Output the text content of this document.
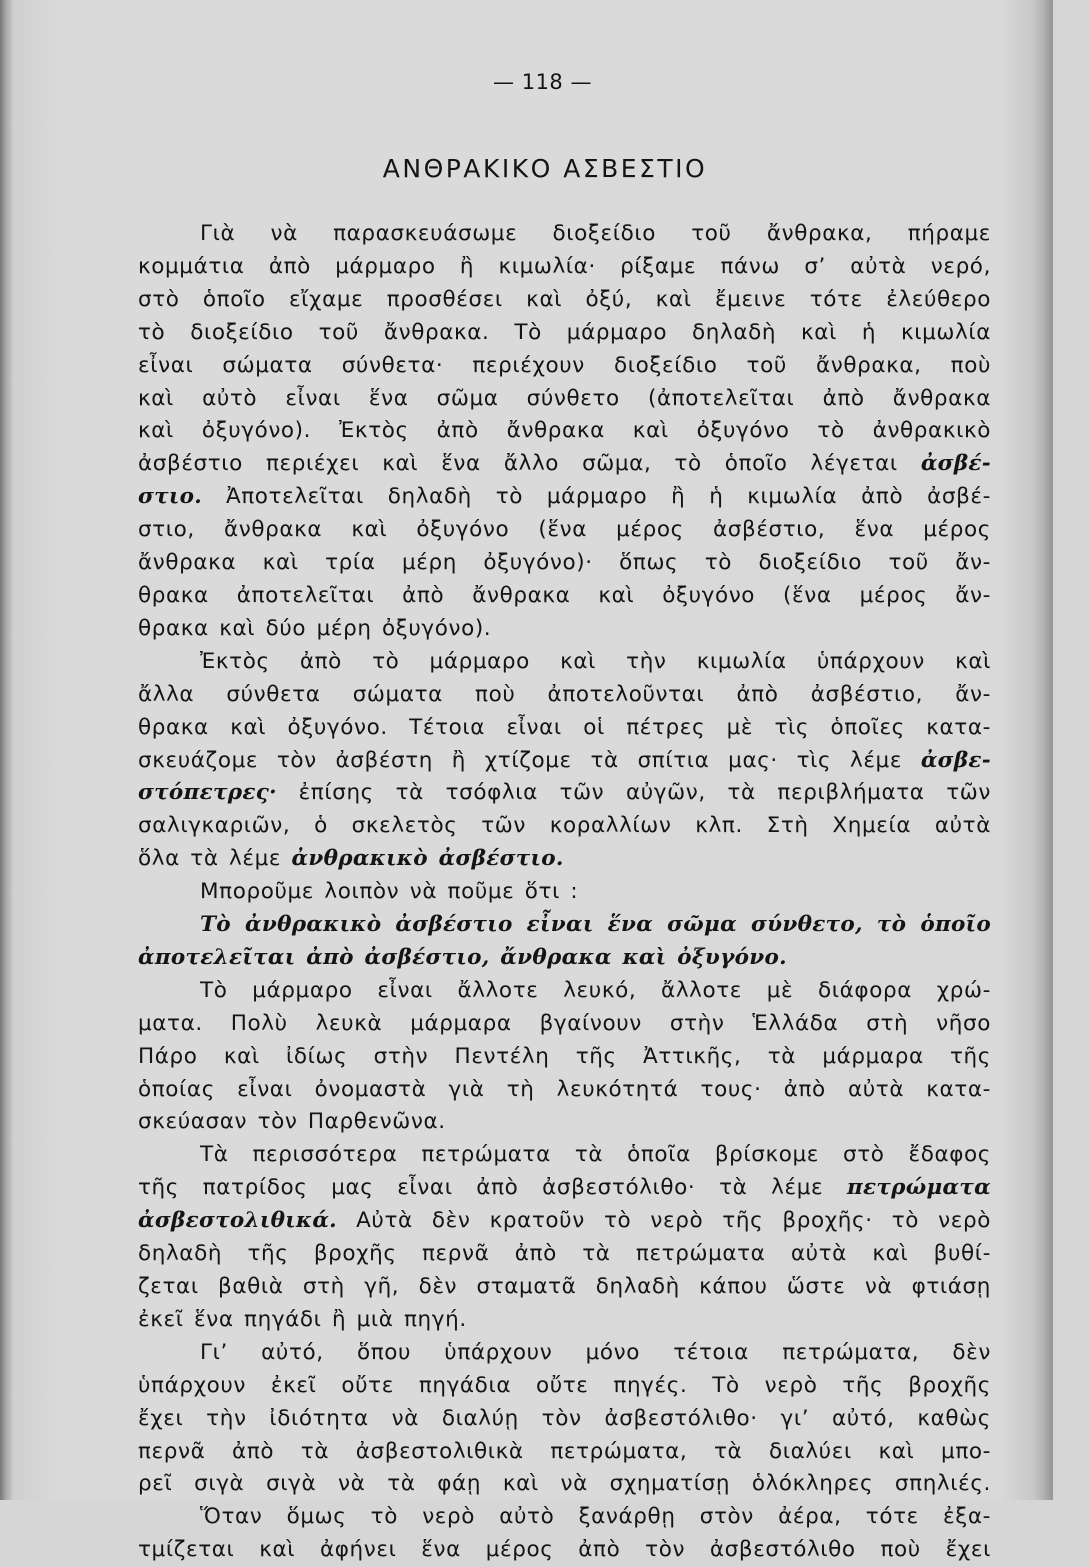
— 118 —
ΑΝΘΡΑΚΙΚΟ ΑΣΒΕΣΤΙΟ
Γιὰ νὰ παρασκευάσωμε διοξείδιο τοῦ ἄνθρακα, πήραμε
κομμάτια ἀπὸ μάρμαρο ἢ κιμωλία· ρίξαμε πάνω σ’ αὐτὰ νερό,
στὸ ὁποῖο εἴχαμε προσθέσει καὶ ὀξύ, καὶ ἔμεινε τότε ἐλεύθερο
τὸ διοξείδιο τοῦ ἄνθρακα. Τὸ μάρμαρο δηλαδὴ καὶ ἡ κιμωλία
εἶναι σώματα σύνθετα· περιέχουν διοξείδιο τοῦ ἄνθρακα, ποὺ
καὶ αὐτὸ εἶναι ἕνα σῶμα σύνθετο (ἀποτελεῖται ἀπὸ ἄνθρακα
καὶ ὀξυγόνο). Ἐκτὸς ἀπὸ ἄνθρακα καὶ ὀξυγόνο τὸ ἀνθρακικὸ
ἀσβέστιο περιέχει καὶ ἕνα ἄλλο σῶμα, τὸ ὁποῖο λέγεται ἀσβέ-
στιο. Ἀποτελεῖται δηλαδὴ τὸ μάρμαρο ἢ ἡ κιμωλία ἀπὸ ἀσβέ-
στιο, ἄνθρακα καὶ ὀξυγόνο (ἕνα μέρος ἀσβέστιο, ἕνα μέρος
ἄνθρακα καὶ τρία μέρη ὀξυγόνο)· ὅπως τὸ διοξείδιο τοῦ ἄν-
θρακα ἀποτελεῖται ἀπὸ ἄνθρακα καὶ ὀξυγόνο (ἕνα μέρος ἄν-
θρακα καὶ δύο μέρη ὀξυγόνο).
Ἐκτὸς ἀπὸ τὸ μάρμαρο καὶ τὴν κιμωλία ὑπάρχουν καὶ
ἄλλα σύνθετα σώματα ποὺ ἀποτελοῦνται ἀπὸ ἀσβέστιο, ἄν-
θρακα καὶ ὀξυγόνο. Τέτοια εἶναι οἱ πέτρες μὲ τὶς ὁποῖες κατα-
σκευάζομε τὸν ἀσβέστη ἢ χτίζομε τὰ σπίτια μας· τὶς λέμε ἀσβε-
στόπετρες· ἐπίσης τὰ τσόφλια τῶν αὐγῶν, τὰ περιβλήματα τῶν
σαλιγκαριῶν, ὁ σκελετὸς τῶν κοραλλίων κλπ. Στὴ Χημεία αὐτὰ
ὅλα τὰ λέμε ἀνθρακικὸ ἀσβέστιο.
Μποροῦμε λοιπὸν νὰ ποῦμε ὅτι :
Τὸ ἀνθρακικὸ ἀσβέστιο εἶναι ἕνα σῶμα σύνθετο, τὸ ὁποῖο
ἀποτελεῖται ἀπὸ ἀσβέστιο, ἄνθρακα καὶ ὀξυγόνο.
Τὸ μάρμαρο εἶναι ἄλλοτε λευκό, ἄλλοτε μὲ διάφορα χρώ-
ματα. Πολὺ λευκὰ μάρμαρα βγαίνουν στὴν Ἑλλάδα στὴ νῆσο
Πάρο καὶ ἰδίως στὴν Πεντέλη τῆς Ἀττικῆς, τὰ μάρμαρα τῆς
ὁποίας εἶναι ὀνομαστὰ γιὰ τὴ λευκότητά τους· ἀπὸ αὐτὰ κατα-
σκεύασαν τὸν Παρθενῶνα.
Τὰ περισσότερα πετρώματα τὰ ὁποῖα βρίσκομε στὸ ἔδαφος
τῆς πατρίδος μας εἶναι ἀπὸ ἀσβεστόλιθο· τὰ λέμε πετρώματα
ἀσβεστολιθικά. Αὐτὰ δὲν κρατοῦν τὸ νερὸ τῆς βροχῆς· τὸ νερὸ
δηλαδὴ τῆς βροχῆς περνᾶ ἀπὸ τὰ πετρώματα αὐτὰ καὶ βυθί-
ζεται βαθιὰ στὴ γῆ, δὲν σταματᾶ δηλαδὴ κάπου ὥστε νὰ φτιάσῃ
ἐκεῖ ἕνα πηγάδι ἢ μιὰ πηγή.
Γι’ αὐτό, ὅπου ὑπάρχουν μόνο τέτοια πετρώματα, δὲν
ὑπάρχουν ἐκεῖ οὔτε πηγάδια οὔτε πηγές. Τὸ νερὸ τῆς βροχῆς
ἔχει τὴν ἰδιότητα νὰ διαλύῃ τὸν ἀσβεστόλιθο· γι’ αὐτό, καθὼς
περνᾶ ἀπὸ τὰ ἀσβεστολιθικὰ πετρώματα, τὰ διαλύει καὶ μπο-
ρεῖ σιγὰ σιγὰ νὰ τὰ φάῃ καὶ νὰ σχηματίσῃ ὁλόκληρες σπηλιές.
Ὅταν ὅμως τὸ νερὸ αὐτὸ ξανάρθῃ στὸν ἀέρα, τότε ἐξα-
τμίζεται καὶ ἀφήνει ἕνα μέρος ἀπὸ τὸν ἀσβεστόλιθο ποὺ ἔχει
